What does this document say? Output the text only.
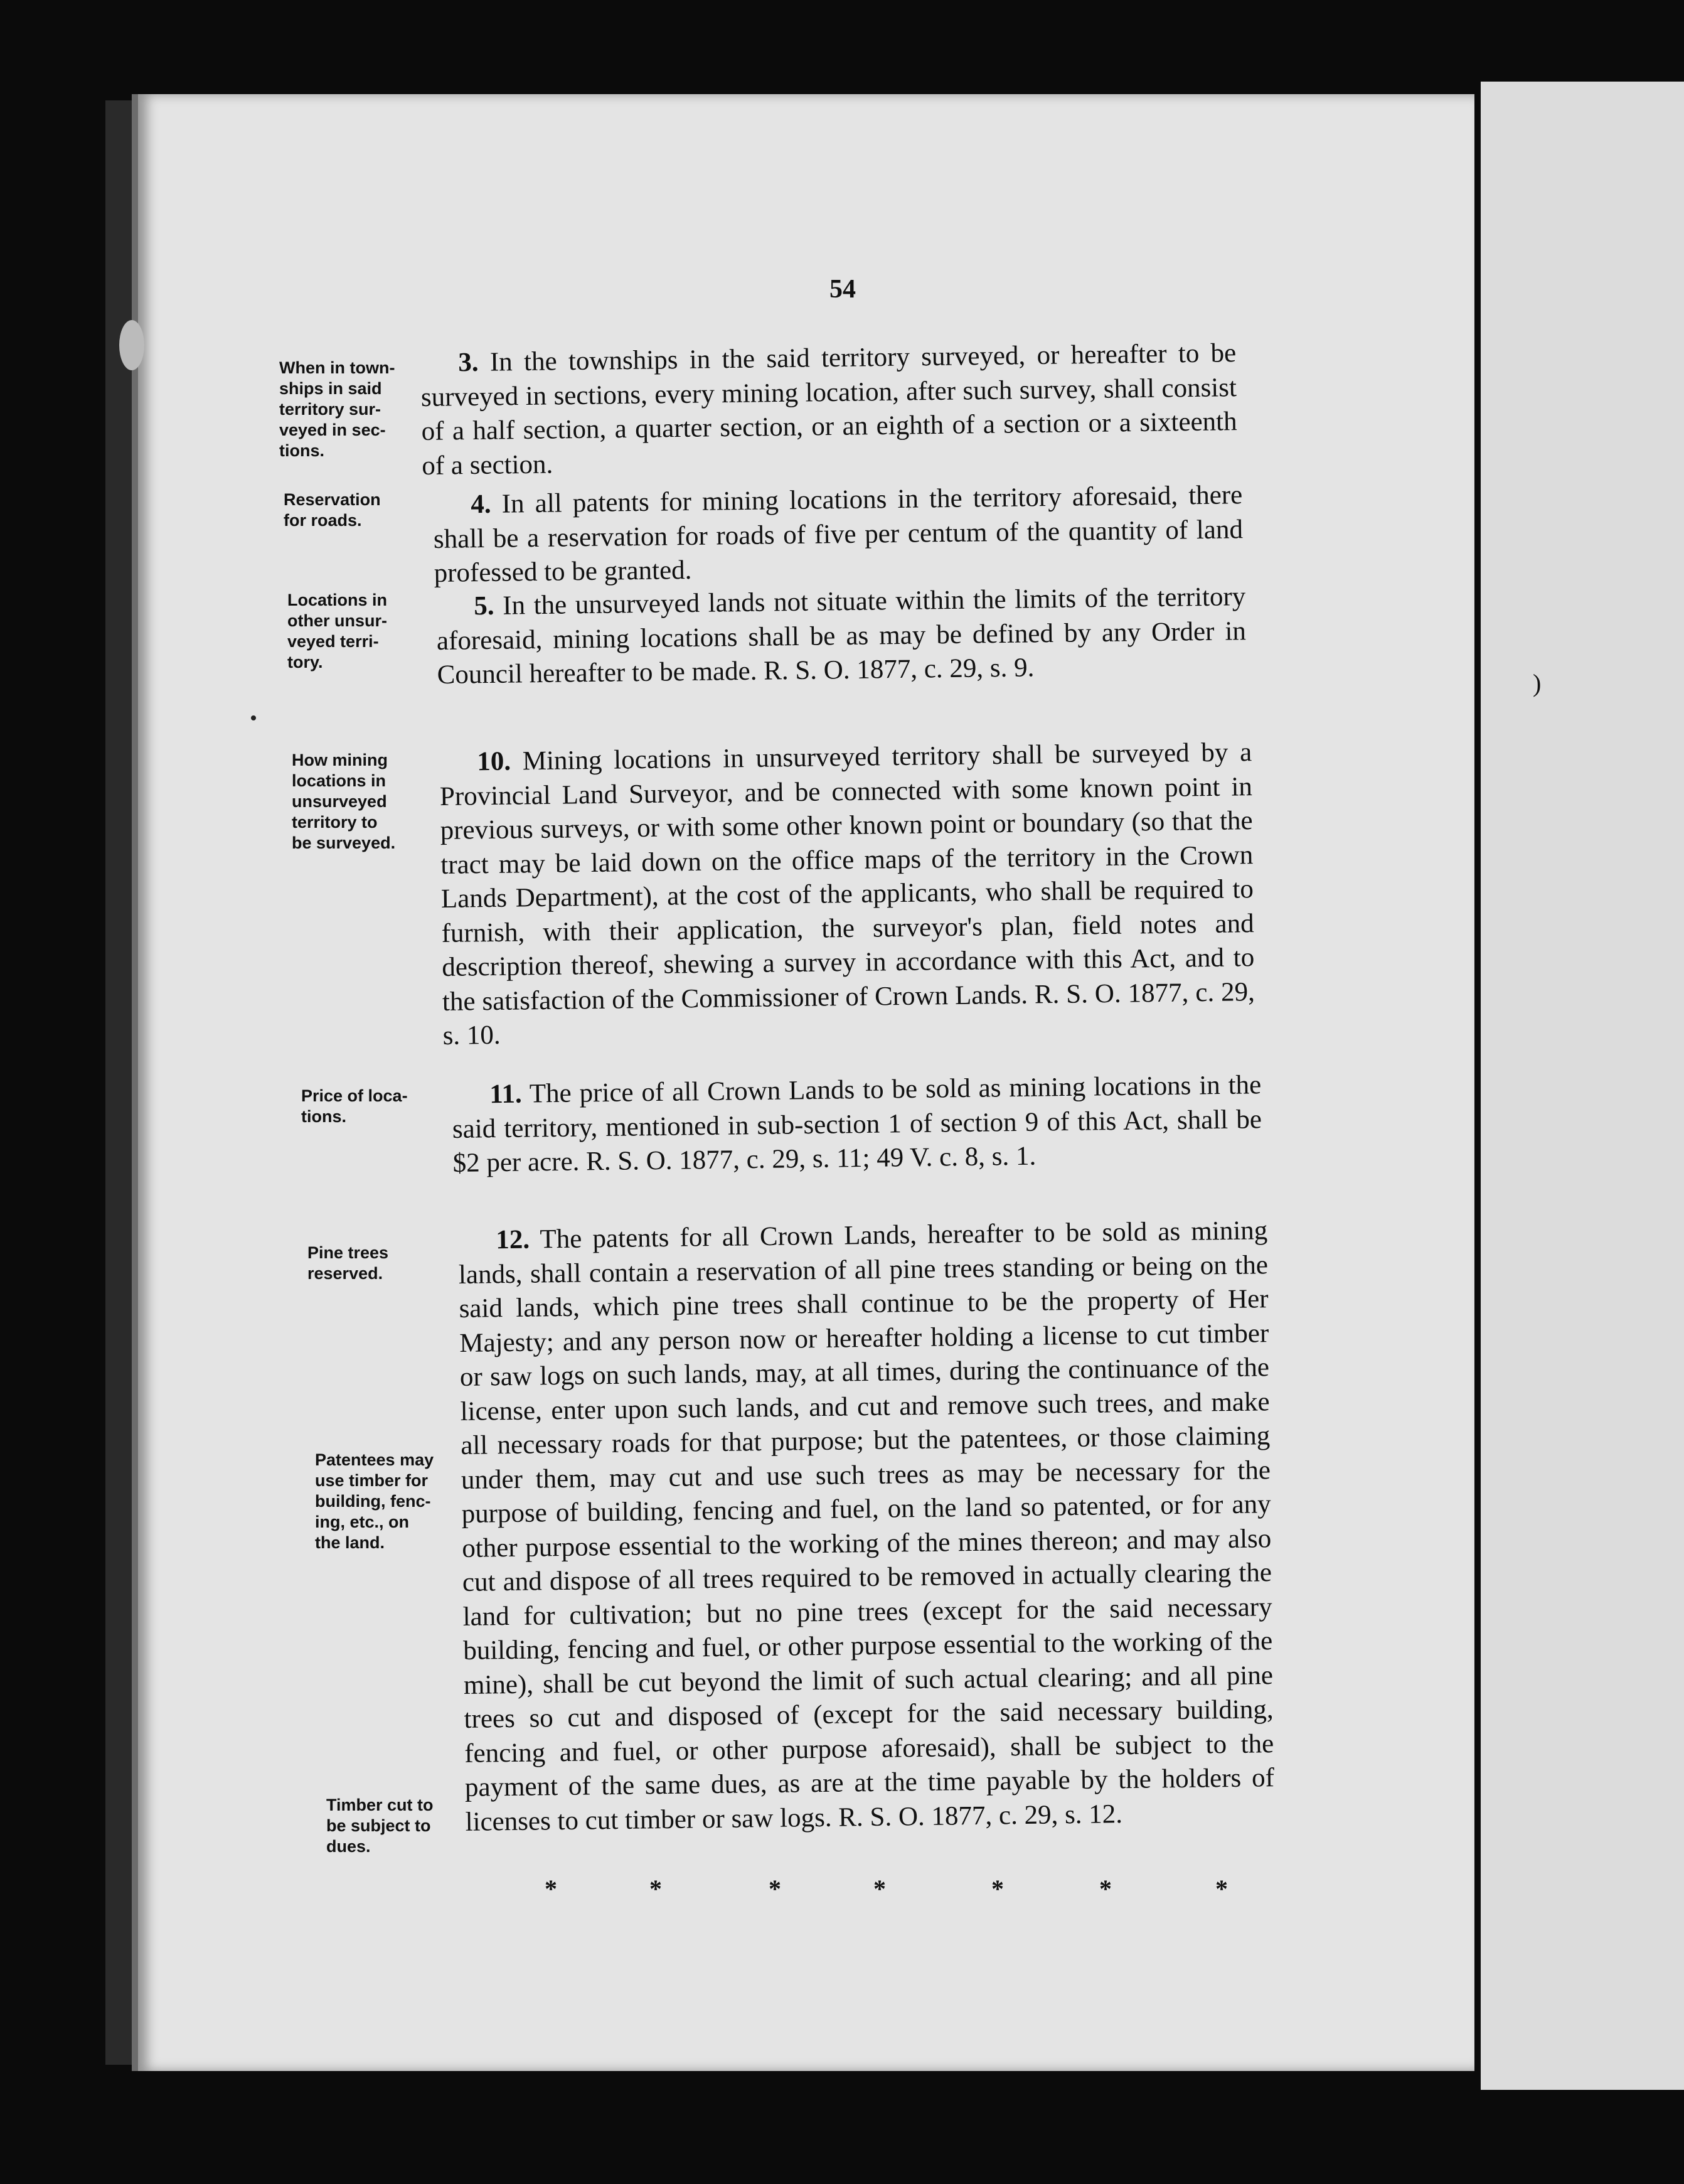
)
54
When in town-
ships in said
territory sur-
veyed in sec-
tions.
Reservation
for roads.
Locations in
other unsur-
veyed terri-
tory.
How mining
locations in
unsurveyed
territory to
be surveyed.
Price of loca-
tions.
Pine trees
reserved.
Patentees may
use timber for
building, fenc-
ing, etc., on
the land.
Timber cut to
be subject to
dues.
3. In the townships in the said territory surveyed, or hereafter to be surveyed in sections, every mining location, after such survey, shall consist of a half section, a quarter section, or an eighth of a section or a sixteenth of a section.
4. In all patents for mining locations in the territory aforesaid, there shall be a reservation for roads of five per centum of the quantity of land professed to be granted.
5. In the unsurveyed lands not situate within the limits of the territory aforesaid, mining locations shall be as may be defined by any Order in Council hereafter to be made. R. S. O. 1877, c. 29, s. 9.
10. Mining locations in unsurveyed territory shall be surveyed by a Provincial Land Surveyor, and be connected with some known point in previous surveys, or with some other known point or boundary (so that the tract may be laid down on the office maps of the territory in the Crown Lands Department), at the cost of the applicants, who shall be required to furnish, with their application, the surveyor's plan, field notes and description thereof, shewing a survey in accordance with this Act, and to the satisfaction of the Commissioner of Crown Lands. R. S. O. 1877, c. 29, s. 10.
11. The price of all Crown Lands to be sold as mining locations in the said territory, mentioned in sub-section 1 of section 9 of this Act, shall be $2 per acre. R. S. O. 1877, c. 29, s. 11; 49 V. c. 8, s. 1.
12. The patents for all Crown Lands, hereafter to be sold as mining lands, shall contain a reservation of all pine trees standing or being on the said lands, which pine trees shall continue to be the property of Her Majesty; and any person now or hereafter holding a license to cut timber or saw logs on such lands, may, at all times, during the continuance of the license, enter upon such lands, and cut and remove such trees, and make all necessary roads for that purpose; but the patentees, or those claiming under them, may cut and use such trees as may be necessary for the purpose of building, fencing and fuel, on the land so patented, or for any other purpose essential to the working of the mines thereon; and may also cut and dispose of all trees required to be removed in actually clearing the land for cultivation; but no pine trees (except for the said necessary building, fencing and fuel, or other purpose essential to the working of the mine), shall be cut beyond the limit of such actual clearing; and all pine trees so cut and disposed of (except for the said necessary building, fencing and fuel, or other purpose aforesaid), shall be subject to the payment of the same dues, as are at the time payable by the holders of licenses to cut timber or saw logs. R. S. O. 1877, c. 29, s. 12.
*	*	*	*	*	*	*
